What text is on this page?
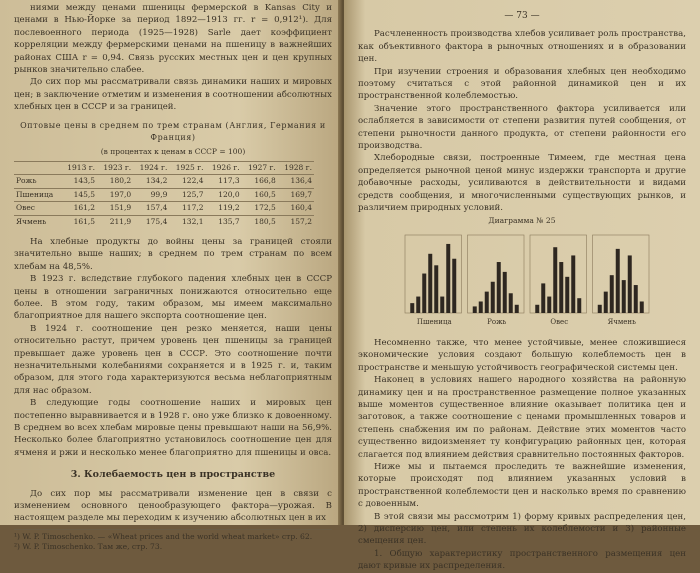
ниями между ценами пшеницы фермерской в Kansas City и ценами в Нью-Йорке за период 1892—1913 гг. r = 0,912¹). Для послевоенного периода (1925—1928) Sarle дает коэффициент корреляции между фермерскими ценами на пшеницу в важнейших районах США r = 0,94. Связь русских местных цен и цен крупных рынков значительно слабее.

До сих пор мы рассматривали связь динамики наших и мировых цен; в заключение отметим и изменения в соотношении абсолютных хлебных цен в СССР и за границей.

Оптовые цены в среднем по трем странам (Англия, Германия и Франция)
(в процентах к ценам в СССР = 100)
	1913 г.	1923 г.	1924 г.	1925 г.	1926 г.	1927 г.	1928 г.
Рожь	143,5	180,2	134,2	122,4	117,3	166,8	136,4
Пшеница	145,5	197,0	99,9	125,7	120,0	160,5	169,7
Овес	161,2	151,9	157,4	117,2	119,2	172,5	160,4
Ячмень	161,5	211,9	175,4	132,1	135,7	180,5	157,2

На хлебные продукты до войны цены за границей стояли значительно выше наших; в среднем по трем странам по всем хлебам на 48,5%.

В 1923 г. вследствие глубокого падения хлебных цен в СССР цены в отношении заграничных понижаются относительно еще более. В этом году, таким образом, мы имеем максимально благоприятное для нашего экспорта соотношение цен.

В 1924 г. соотношение цен резко меняется, наши цены относительно растут, причем уровень цен пшеницы за границей превышает даже уровень цен в СССР. Это соотношение почти незначительными колебаниями сохраняется и в 1925 г. и, таким образом, для этого года характеризуются весьма неблагоприятным для нас образом.

В следующие годы соотношение наших и мировых цен постепенно выравнивается и в 1928 г. оно уже близко к довоенному. В среднем во всех хлебам мировые цены превышают наши на 56,9%. Несколько более благоприятно установилось соотношение цен для ячменя и ржи и несколько менее благоприятно для пшеницы и овса.

3. Колебаемость цен в пространстве

До сих пор мы рассматривали изменение цен в связи с изменением основного ценообразующего фактора—урожая. В настоящем разделе мы переходим к изучению абсолютных цен в их

¹) W. P. Timoschenko. — «Wheat prices and the world wheat market» стр. 62.
²) W. P. Timoschenko. Там же, стр. 73.
— 73 —

Расчлененность производства хлебов усиливает роль пространства, как объективного фактора в рыночных отношениях и в образовании цен.

При изучении строения и образования хлебных цен необходимо поэтому считаться с этой районной динамикой цен и их пространственной колеблемостью.

Значение этого пространственного фактора усиливается или ослабляется в зависимости от степени развития путей сообщения, от степени рыночности данного продукта, от степени районности его производства.

Хлебородные связи, построенные Тимеем, где местная цена определяется рыночной ценой минус издержки транспорта и другие добавочные расходы, усиливаются в действительности и видами средств сообщения, и многочисленными существующих рынков, и различием природных условий.

Диаграмма № 25
Пшеница	Рожь	Овес	Ячмень

Несомненно также, что менее устойчивые, менее сложившиеся экономические условия создают большую колеблемость цен в пространстве и меньшую устойчивость географической системы цен.

Наконец в условиях нашего народного хозяйства на районную динамику цен и на пространственное размещение полное указанных выше моментов существенное влияние оказывает политика цен и заготовок, а также соотношение с ценами промышленных товаров и степень снабжения им по районам. Действие этих моментов часто существенно видоизменяет ту конфигурацию районных цен, которая слагается под влиянием действия сравнительно постоянных факторов.

Ниже мы и пытаемся проследить те важнейшие изменения, которые происходят под влиянием указанных условий в пространственной колеблемости цен и насколько время по сравнению с довоенным.

В этой связи мы рассмотрим 1) форму кривых распределения цен, 2) дисперсию цен, или степень их колеблемости и 3) районные смещения цен.

1. Общую характеристику пространственного размещения цен дают кривые их распределения.
